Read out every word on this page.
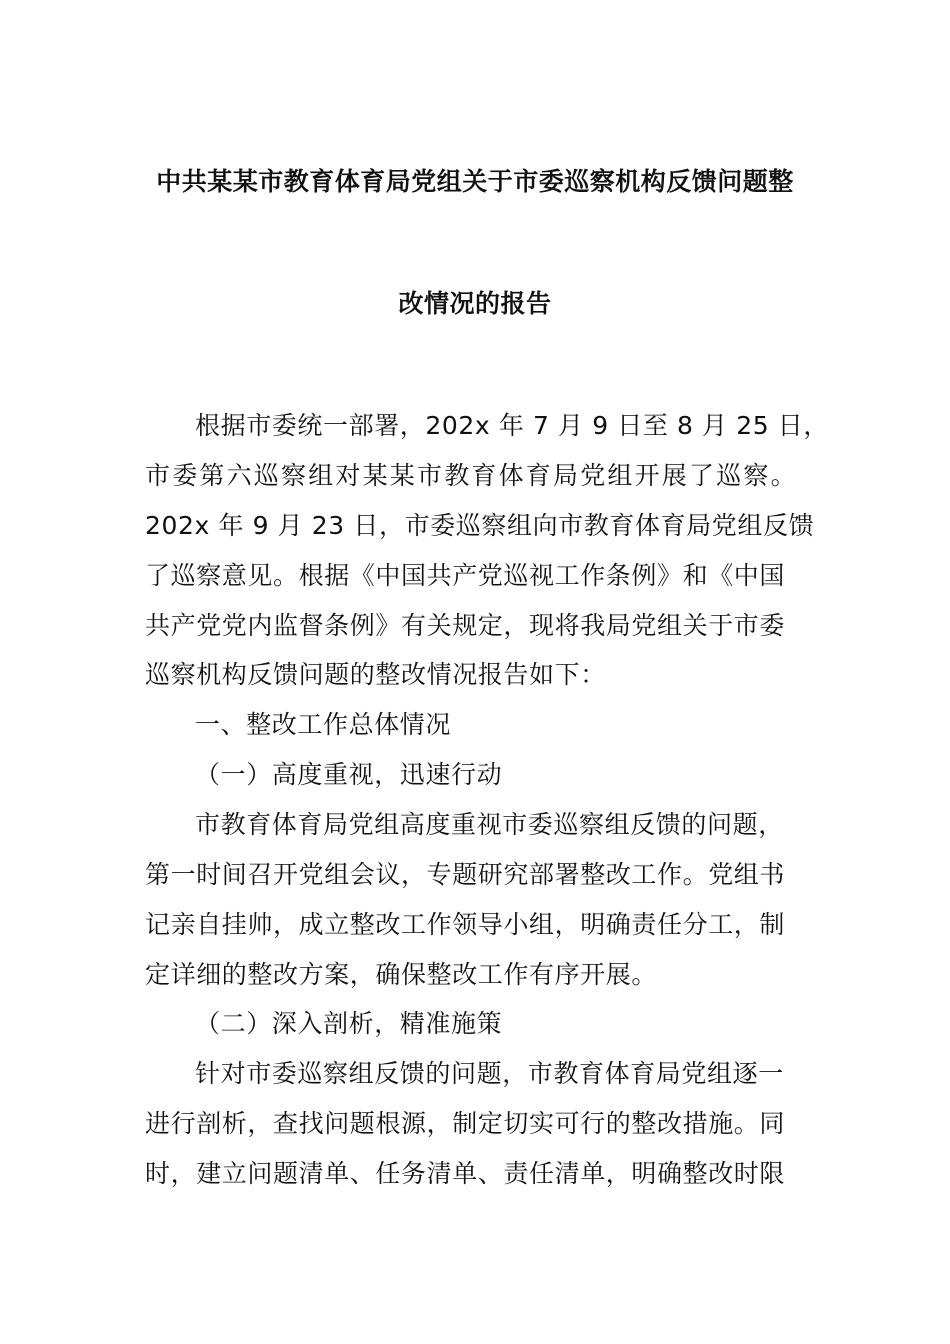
中共某某市教育体育局党组关于市委巡察机构反馈问题整
改情况的报告
根据市委统一部署，202x 年 7 月 9 日至 8 月 25 日，
市委第六巡察组对某某市教育体育局党组开展了巡察。
202x 年 9 月 23 日，市委巡察组向市教育体育局党组反馈
了巡察意见。根据《中国共产党巡视工作条例》和《中国
共产党党内监督条例》有关规定，现将我局党组关于市委
巡察机构反馈问题的整改情况报告如下：
一、整改工作总体情况
（一）高度重视，迅速行动
市教育体育局党组高度重视市委巡察组反馈的问题，
第一时间召开党组会议，专题研究部署整改工作。党组书
记亲自挂帅，成立整改工作领导小组，明确责任分工，制
定详细的整改方案，确保整改工作有序开展。
（二）深入剖析，精准施策
针对市委巡察组反馈的问题，市教育体育局党组逐一
进行剖析，查找问题根源，制定切实可行的整改措施。同
时，建立问题清单、任务清单、责任清单，明确整改时限
